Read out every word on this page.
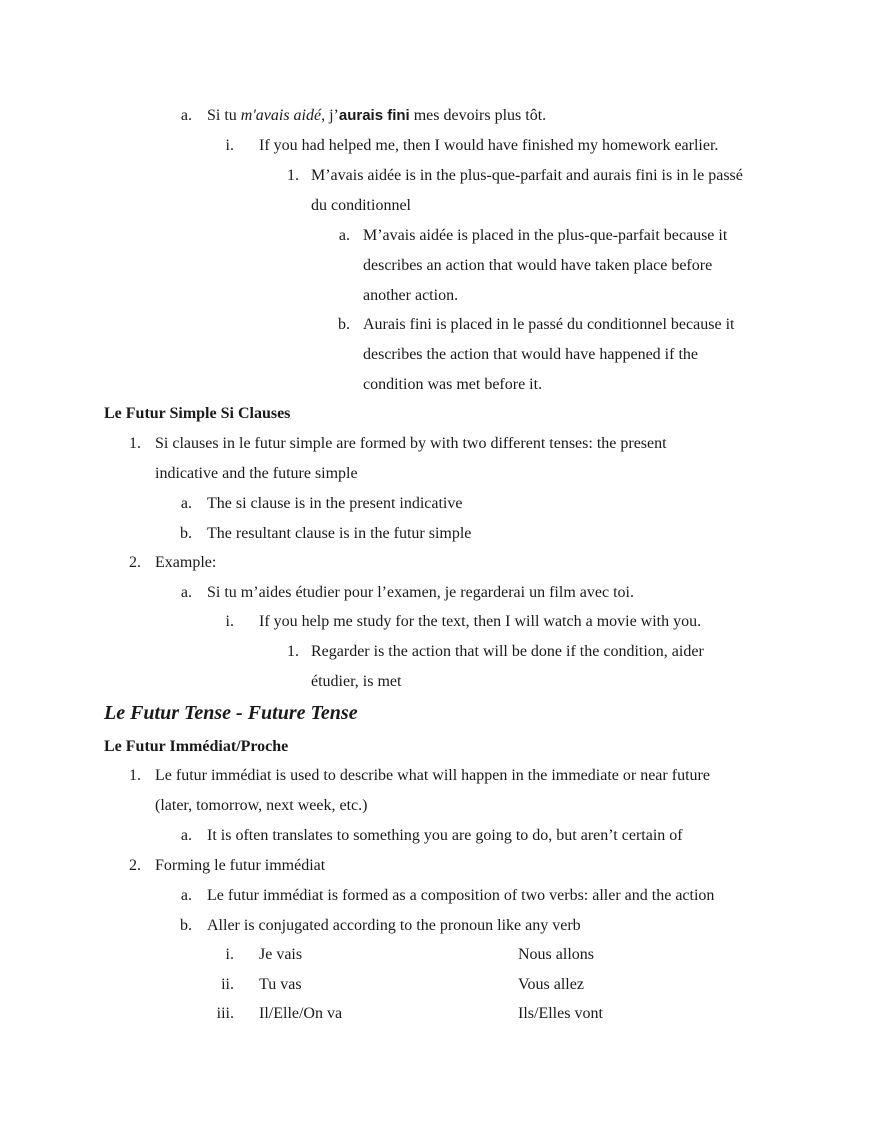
a. Si tu m'avais aidé, j’aurais fini mes devoirs plus tôt.
i. If you had helped me, then I would have finished my homework earlier.
1. M’avais aidée is in the plus-que-parfait and aurais fini is in le passé
du conditionnel
a. M’avais aidée is placed in the plus-que-parfait because it
describes an action that would have taken place before
another action.
b. Aurais fini is placed in le passé du conditionnel because it
describes the action that would have happened if the
condition was met before it.
Le Futur Simple Si Clauses
1. Si clauses in le futur simple are formed by with two different tenses: the present
indicative and the future simple
a. The si clause is in the present indicative
b. The resultant clause is in the futur simple
2. Example:
a. Si tu m’aides étudier pour l’examen, je regarderai un film avec toi.
i. If you help me study for the text, then I will watch a movie with you.
1. Regarder is the action that will be done if the condition, aider
étudier, is met
Le Futur Tense - Future Tense
Le Futur Immédiat/Proche
1. Le futur immédiat is used to describe what will happen in the immediate or near future
(later, tomorrow, next week, etc.)
a. It is often translates to something you are going to do, but aren’t certain of
2. Forming le futur immédiat
a. Le futur immédiat is formed as a composition of two verbs: aller and the action
b. Aller is conjugated according to the pronoun like any verb
i. Je vais	Nous allons
ii. Tu vas	Vous allez
iii. Il/Elle/On va	Ils/Elles vont
